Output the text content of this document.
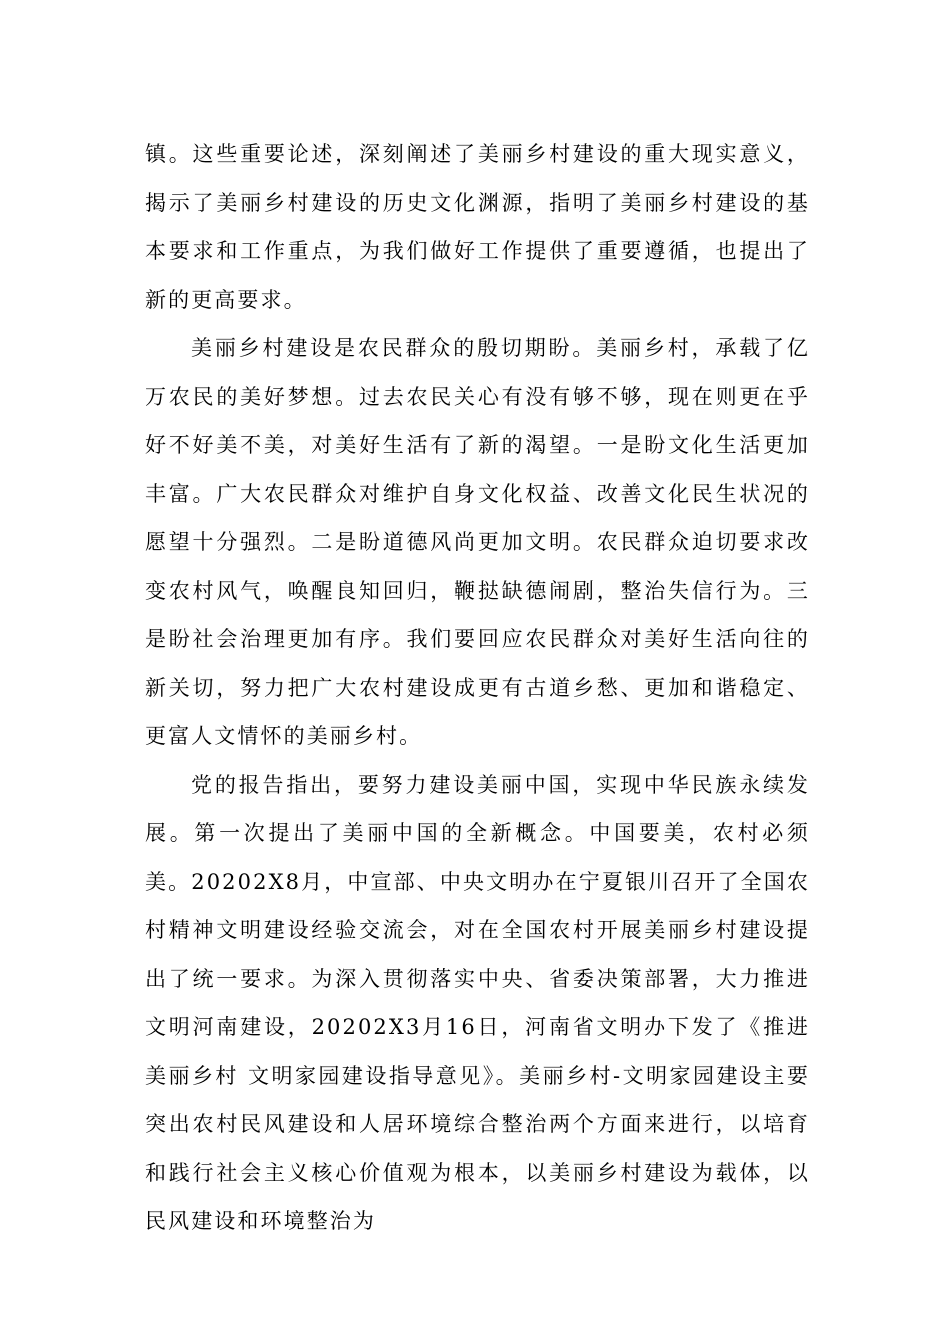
镇。这些重要论述，深刻阐述了美丽乡村建设的重大现实意义，揭示了美丽乡村建设的历史文化渊源，指明了美丽乡村建设的基本要求和工作重点，为我们做好工作提供了重要遵循，也提出了新的更高要求。

美丽乡村建设是农民群众的殷切期盼。美丽乡村，承载了亿万农民的美好梦想。过去农民关心有没有够不够，现在则更在乎好不好美不美，对美好生活有了新的渴望。一是盼文化生活更加丰富。广大农民群众对维护自身文化权益、改善文化民生状况的愿望十分强烈。二是盼道德风尚更加文明。农民群众迫切要求改变农村风气，唤醒良知回归，鞭挞缺德闹剧，整治失信行为。三是盼社会治理更加有序。我们要回应农民群众对美好生活向往的新关切，努力把广大农村建设成更有古道乡愁、更加和谐稳定、更富人文情怀的美丽乡村。

党的报告指出，要努力建设美丽中国，实现中华民族永续发展。第一次提出了美丽中国的全新概念。中国要美，农村必须美。20202X8月，中宣部、中央文明办在宁夏银川召开了全国农村精神文明建设经验交流会，对在全国农村开展美丽乡村建设提出了统一要求。为深入贯彻落实中央、省委决策部署，大力推进文明河南建设，20202X3月16日，河南省文明办下发了《推进美丽乡村 文明家园建设指导意见》。美丽乡村-文明家园建设主要突出农村民风建设和人居环境综合整治两个方面来进行，以培育和践行社会主义核心价值观为根本，以美丽乡村建设为载体，以民风建设和环境整治为
